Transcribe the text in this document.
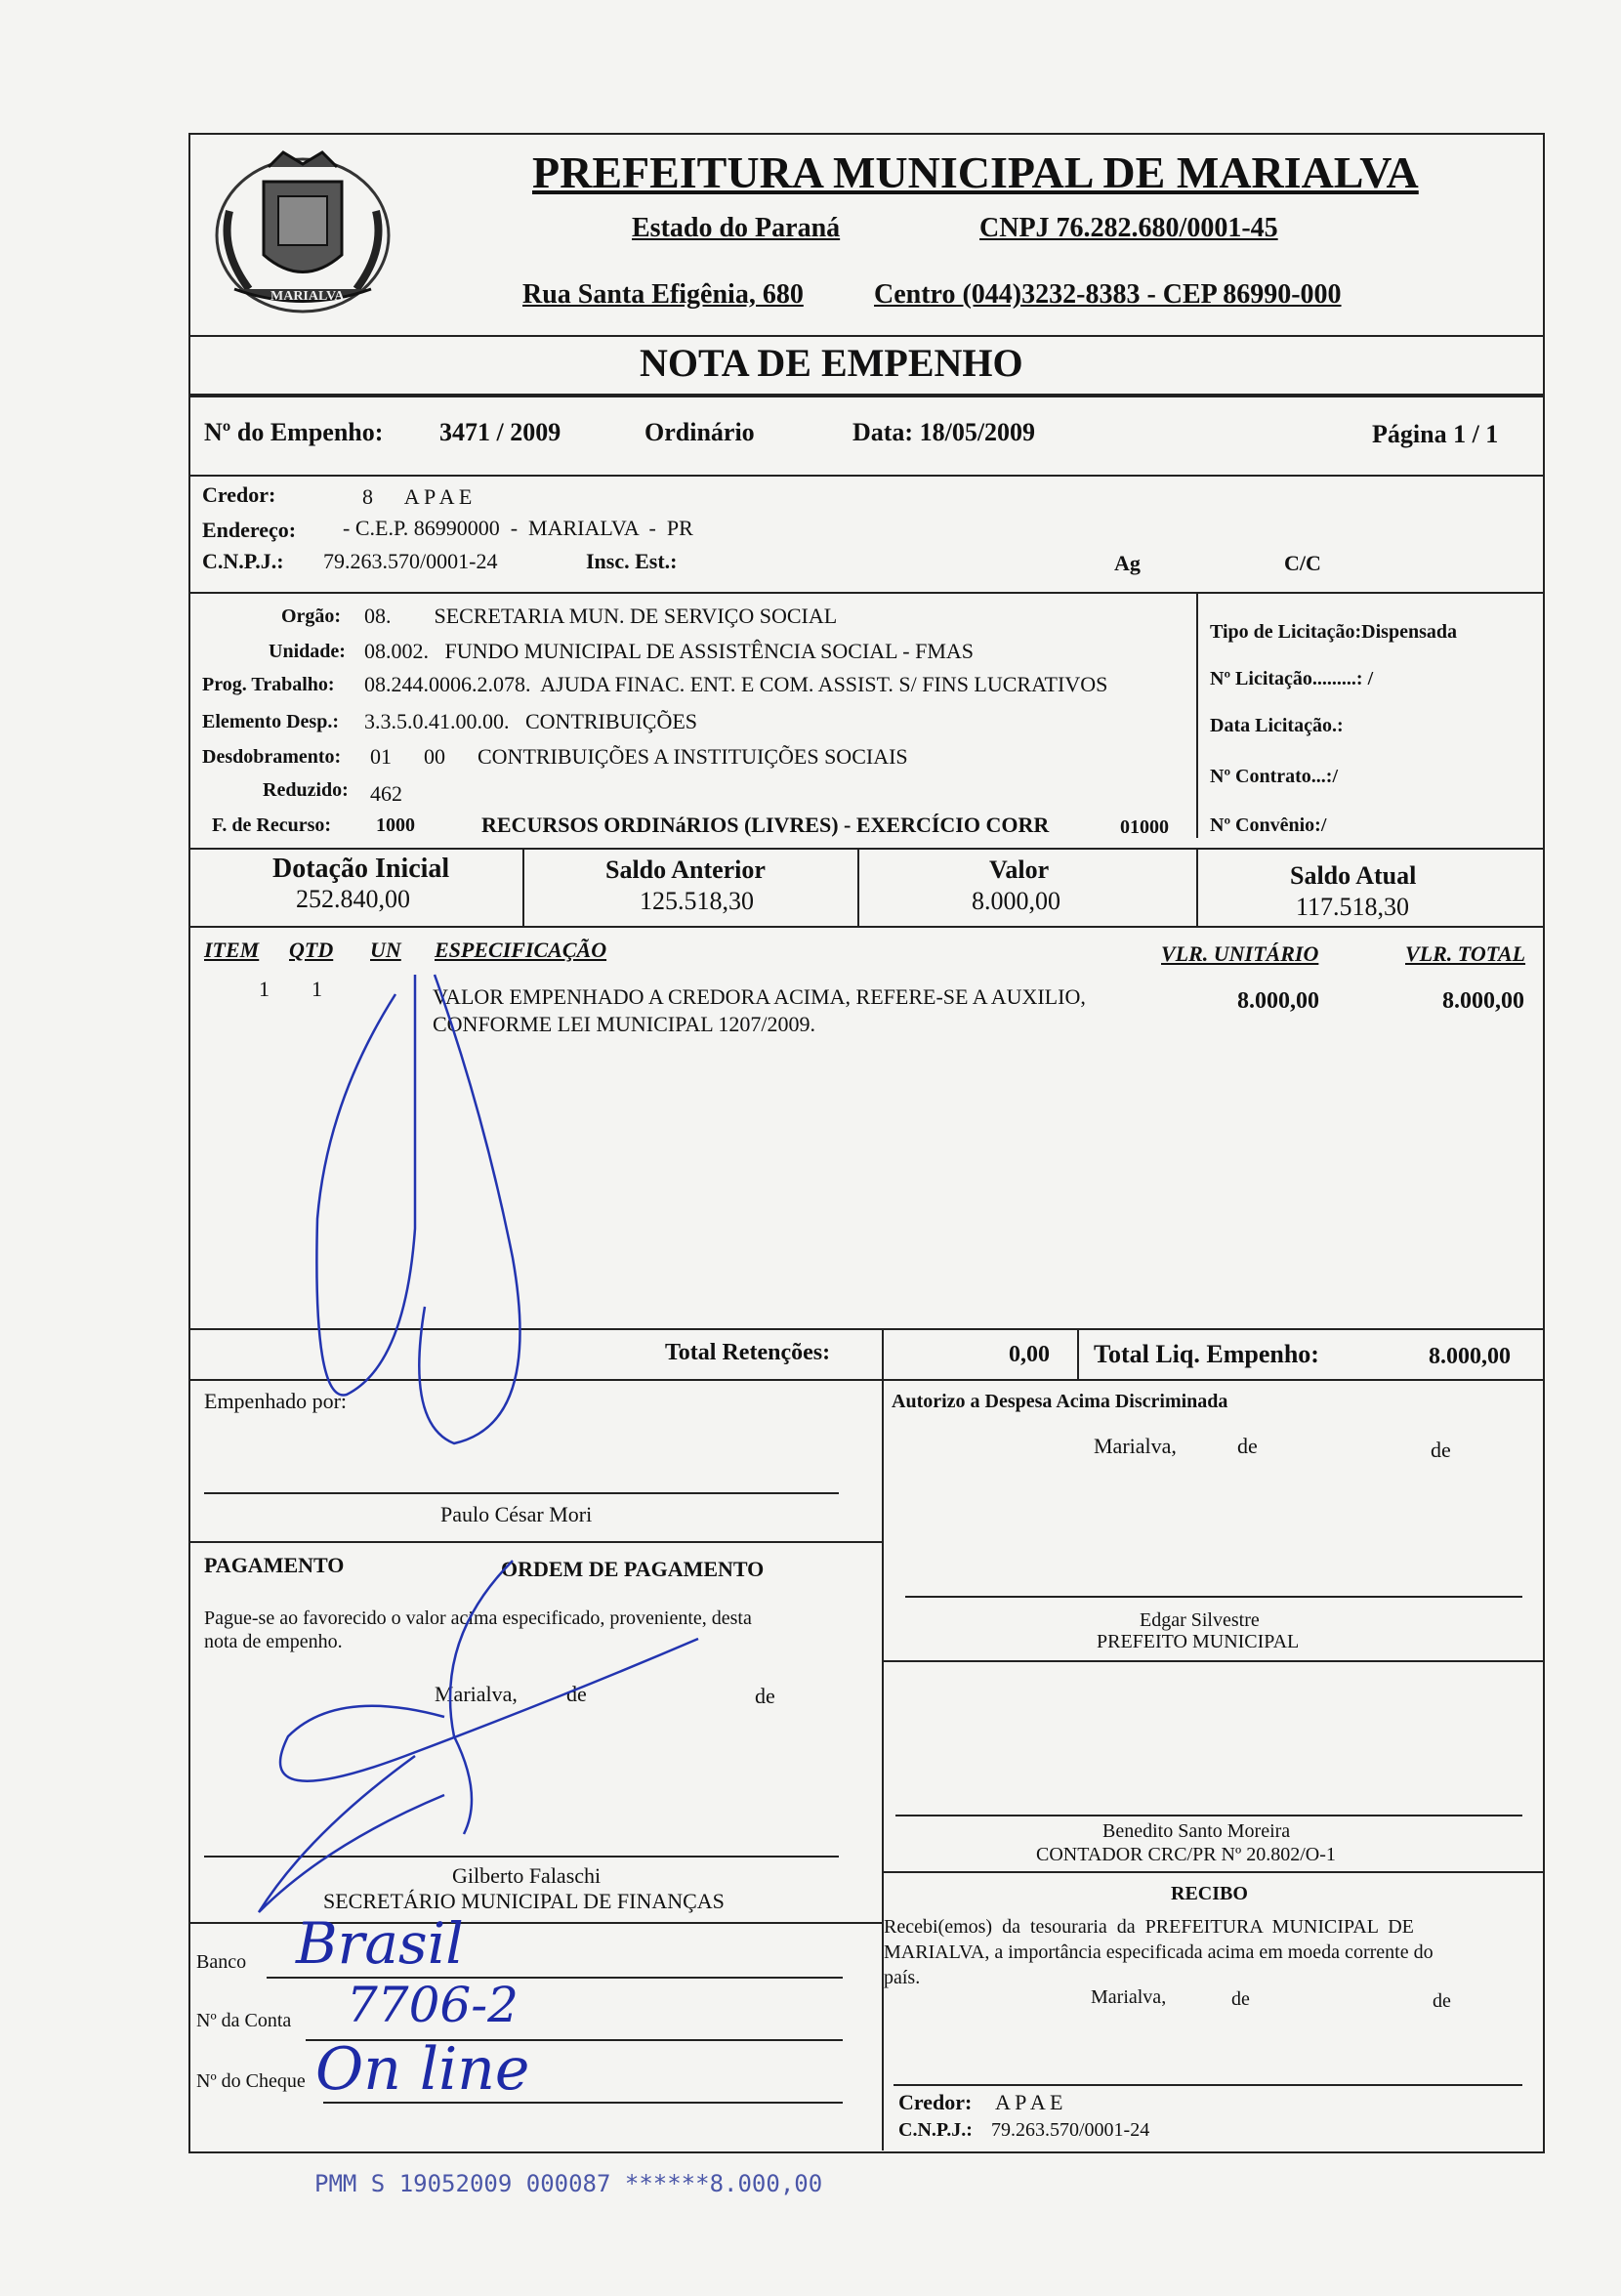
MARIALVA
PREFEITURA MUNICIPAL DE MARIALVA
Estado do Paraná	CNPJ 76.282.680/0001-45
Rua Santa Efigênia, 680	Centro (044)3232-8383 - CEP 86990-000
NOTA DE EMPENHO
Nº do Empenho: 3471 / 2009	Ordinário	Data: 18/05/2009	Página 1 / 1
Credor:	8      A P A E
Endereço: - C.E.P. 86990000  -  MARIALVA  -  PR
C.N.P.J.: 79.263.570/0001-24	Insc. Est.:	Ag	C/C
Orgão: 08.        SECRETARIA MUN. DE SERVIÇO SOCIAL
Unidade: 08.002.   FUNDO MUNICIPAL DE ASSISTÊNCIA SOCIAL - FMAS
Prog. Trabalho: 08.244.0006.2.078.  AJUDA FINAC. ENT. E COM. ASSIST. S/ FINS LUCRATIVOS
Elemento Desp.: 3.3.5.0.41.00.00.   CONTRIBUIÇÕES
Desdobramento: 01      00      CONTRIBUIÇÕES A INSTITUIÇÕES SOCIAIS
Reduzido: 462
F. de Recurso: 1000	RECURSOS ORDINáRIOS (LIVRES) - EXERCÍCIO CORR	01000
Tipo de Licitação:Dispensada
Nº Licitação.........: /
Data Licitação.:
Nº Contrato...:/
Nº Convênio:/
Dotação Inicial
252.840,00
Saldo Anterior
125.518,30
Valor
8.000,00
Saldo Atual
117.518,30
ITEM QTD UN ESPECIFICAÇÃO	VLR. UNITÁRIO	VLR. TOTAL
1 1	VALOR EMPENHADO A CREDORA ACIMA, REFERE-SE A AUXILIO,
CONFORME LEI MUNICIPAL 1207/2009.
8.000,00	8.000,00
Total Retenções:	0,00 Total Liq. Empenho:	8.000,00
Empenhado por:
Paulo César Mori
PAGAMENTO	ORDEM DE PAGAMENTO
Pague-se ao favorecido o valor acima especificado, proveniente, desta
nota de empenho.
Marialva, de	de
Gilberto Falaschi
SECRETÁRIO MUNICIPAL DE FINANÇAS
Banco Brasil
Nº da Conta 7706-2
Nº do Cheque On line
Autorizo a Despesa Acima Discriminada
Marialva,	de	de
Edgar Silvestre
PREFEITO MUNICIPAL
Benedito Santo Moreira
CONTADOR CRC/PR Nº 20.802/O-1
RECIBO
Recebi(emos)  da  tesouraria  da  PREFEITURA  MUNICIPAL  DE
MARIALVA, a importância especificada acima em moeda corrente do
país.
Marialva,	de	de
Credor: A P A E
C.N.P.J.: 79.263.570/0001-24
PMM S 19052009 000087 ******8.000,00
